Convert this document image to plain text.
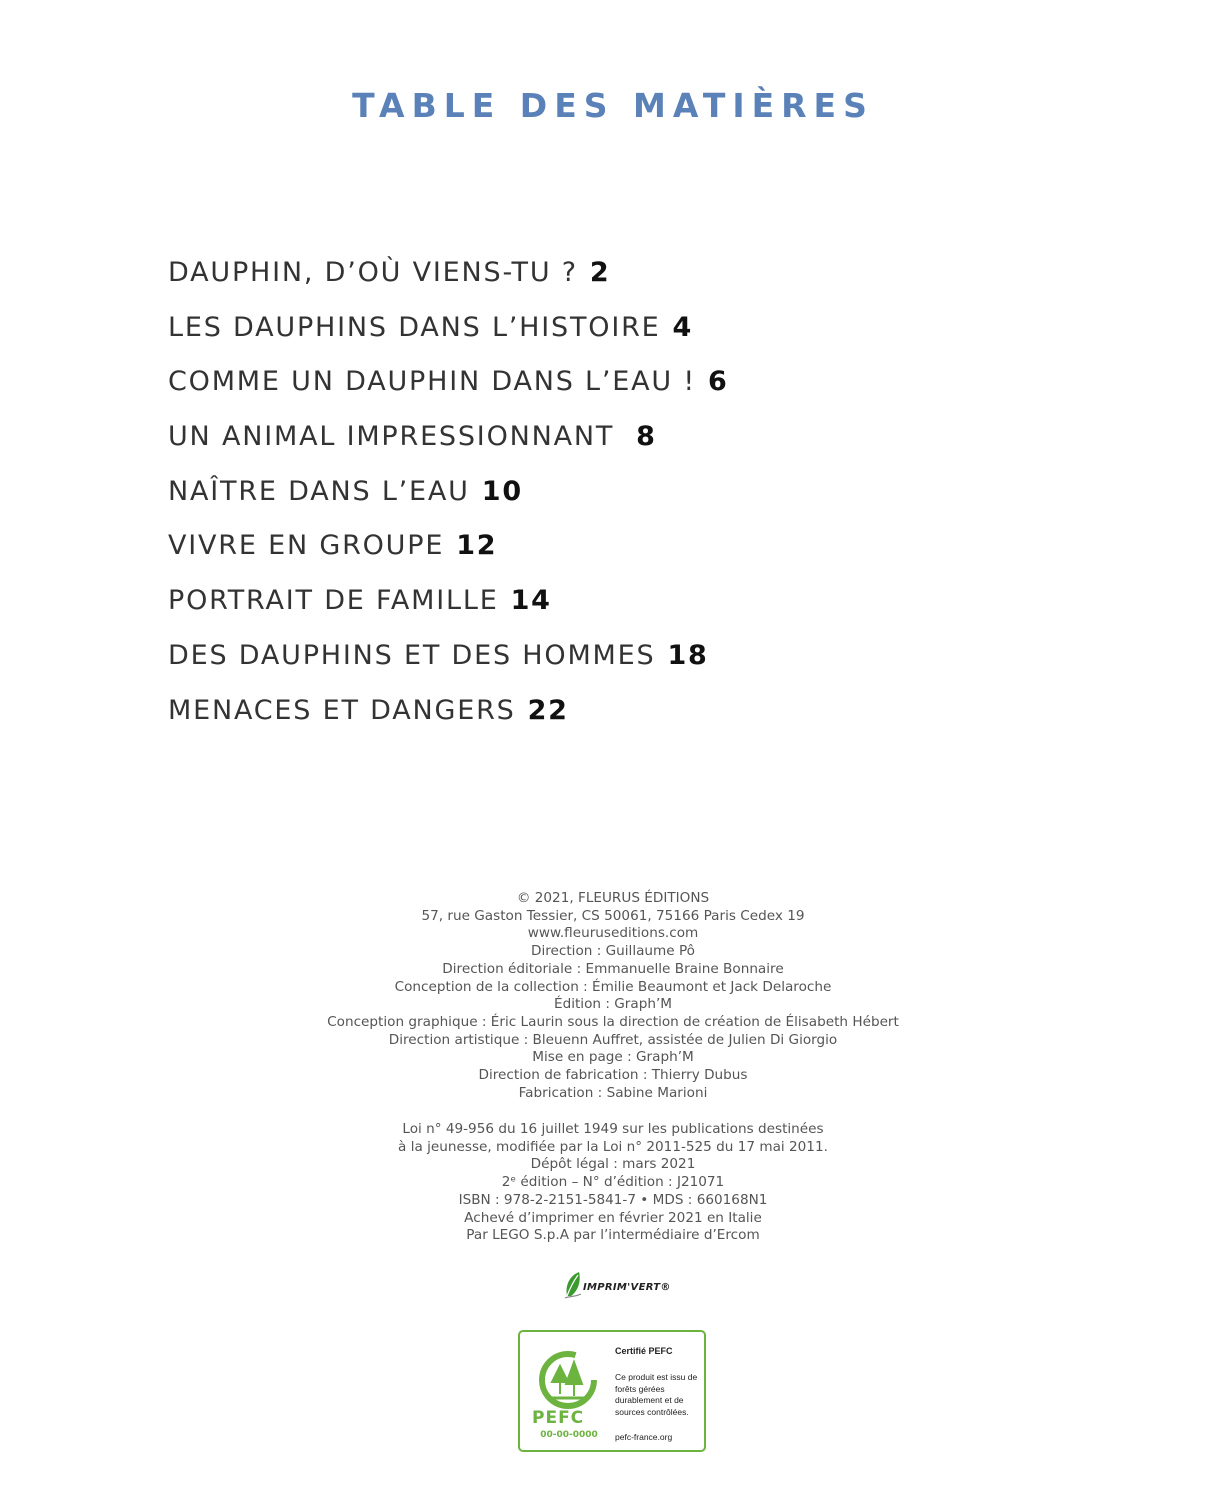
TABLE DES MATIÈRES
DAUPHIN, D’OÙ VIENS-TU ? 2
LES DAUPHINS DANS L’HISTOIRE 4
COMME UN DAUPHIN DANS L’EAU ! 6
UN ANIMAL IMPRESSIONNANT 8
NAÎTRE DANS L’EAU 10
VIVRE EN GROUPE 12
PORTRAIT DE FAMILLE 14
DES DAUPHINS ET DES HOMMES 18
MENACES ET DANGERS 22
© 2021, FLEURUS ÉDITIONS
57, rue Gaston Tessier, CS 50061, 75166 Paris Cedex 19
www.fleuruseditions.com
Direction : Guillaume Pô
Direction éditoriale : Emmanuelle Braine Bonnaire
Conception de la collection : Émilie Beaumont et Jack Delaroche
Édition : Graph’M
Conception graphique : Éric Laurin sous la direction de création de Élisabeth Hébert
Direction artistique : Bleuenn Auffret, assistée de Julien Di Giorgio
Mise en page : Graph’M
Direction de fabrication : Thierry Dubus
Fabrication : Sabine Marioni
Loi n° 49-956 du 16 juillet 1949 sur les publications destinées
à la jeunesse, modifiée par la Loi n° 2011-525 du 17 mai 2011.
Dépôt légal : mars 2021
2ᵉ édition – N° d’édition : J21071
ISBN : 978-2-2151-5841-7 • MDS : 660168N1
Achevé d’imprimer en février 2021 en Italie
Par LEGO S.p.A par l’intermédiaire d’Ercom
IMPRIM'VERT®
PEFC
00-00-0000
Certifié PEFC
Ce produit est issu de forêts gérées durablement et de sources contrôlées.
pefc-france.org
